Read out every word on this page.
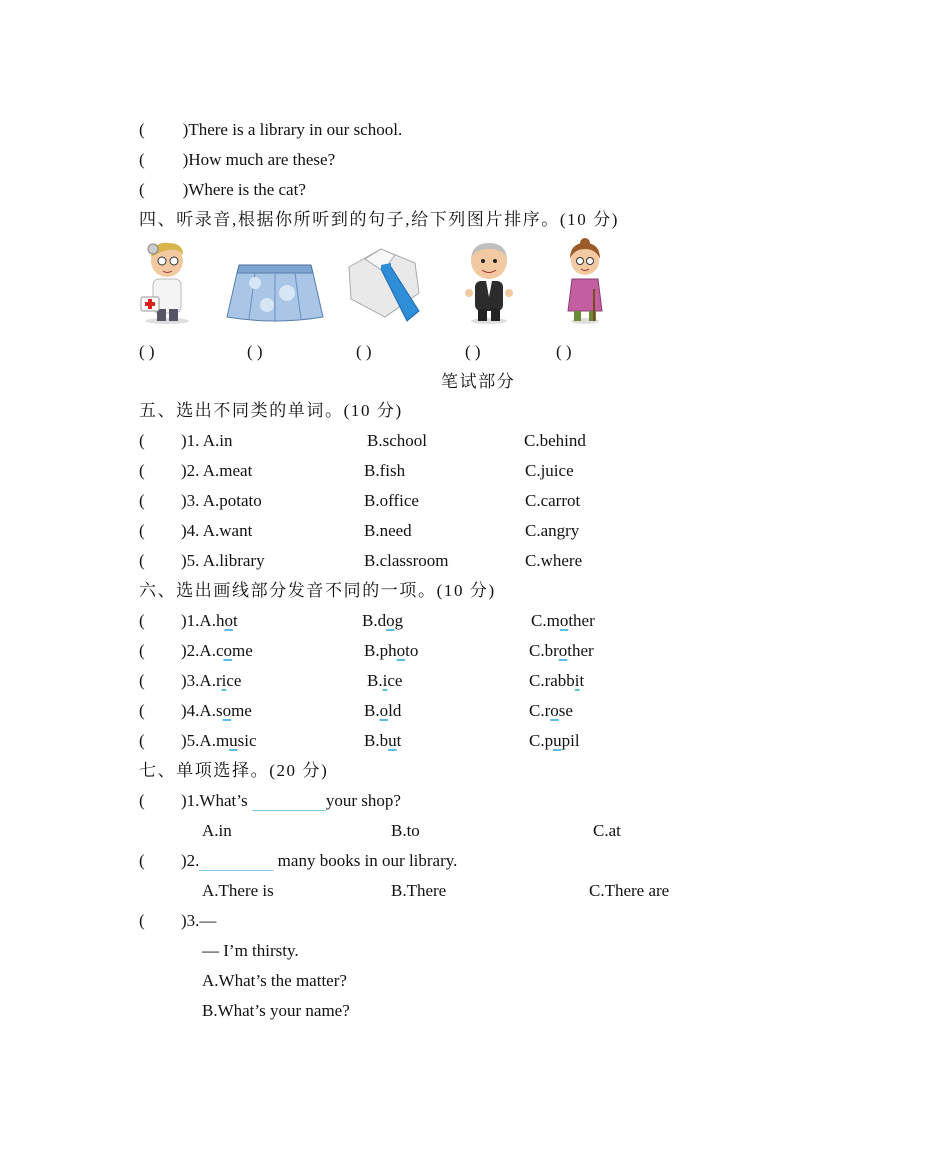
( )There is a library in our school.
( )How much are these?
( )Where is the cat?
四、听录音,根据你所听到的句子,给下列图片排序。(10 分)
( )	( )	( )	( )	( )
笔试部分
五、选出不同类的单词。(10 分)
( )1. A.in	B.school	C.behind
( )2. A.meat	B.fish	C.juice
( )3. A.potato	B.office	C.carrot
( )4. A.want	B.need	C.angry
( )5. A.library	B.classroom	C.where
六、选出画线部分发音不同的一项。(10 分)
( )1.A.hot	B.dog	C.mother
( )2.A.come	B.photo	C.brother
( )3.A.rice	B.ice	C.rabbit
( )4.A.some	B.old	C.rose
( )5.A.music	B.but	C.pupil
七、单项选择。(20 分)
( )1.What’s	your shop?
A.in	B.to	C.at
( )2.	many books in our library.
A.There is	B.There	C.There are
( )3.—
— I’m thirsty.
A.What’s the matter?
B.What’s your name?
